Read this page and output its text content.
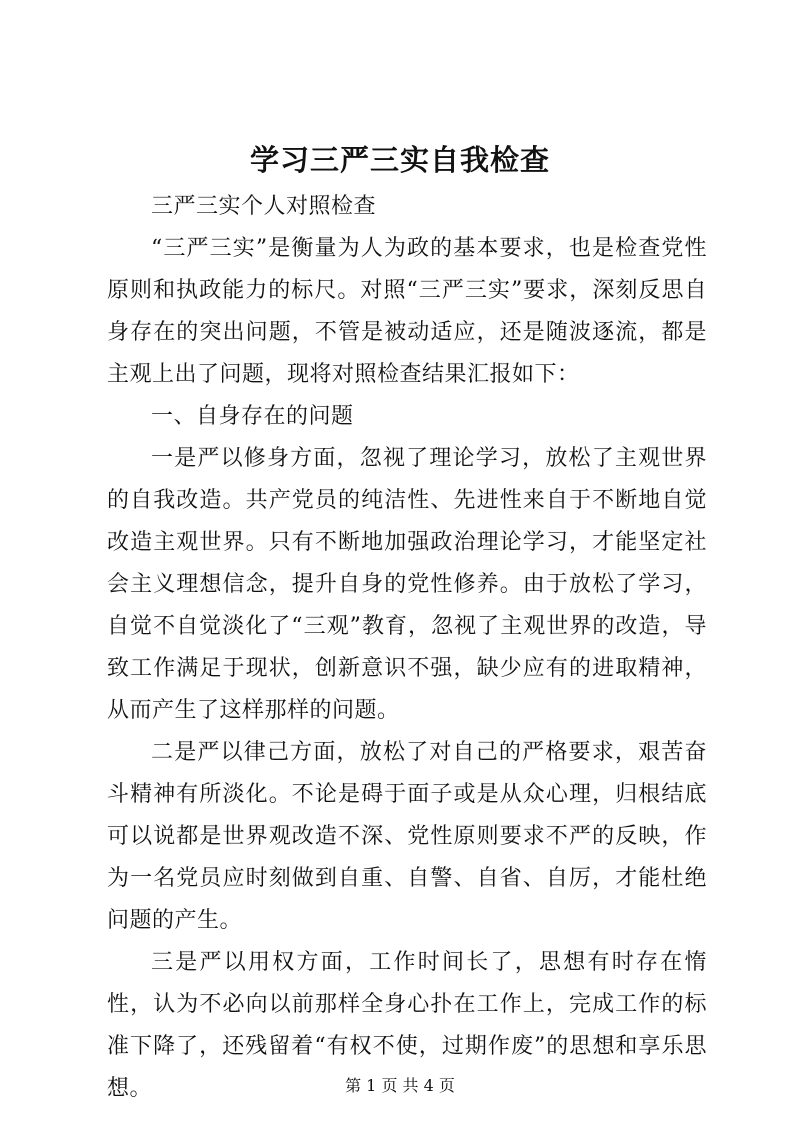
学习三严三实自我检查

三严三实个人对照检查

“三严三实”是衡量为人为政的基本要求，也是检查党性原则和执政能力的标尺。对照“三严三实”要求，深刻反思自身存在的突出问题，不管是被动适应，还是随波逐流，都是主观上出了问题，现将对照检查结果汇报如下：

一、自身存在的问题

一是严以修身方面，忽视了理论学习，放松了主观世界的自我改造。共产党员的纯洁性、先进性来自于不断地自觉改造主观世界。只有不断地加强政治理论学习，才能坚定社会主义理想信念，提升自身的党性修养。由于放松了学习，自觉不自觉淡化了“三观”教育，忽视了主观世界的改造，导致工作满足于现状，创新意识不强，缺少应有的进取精神，从而产生了这样那样的问题。

二是严以律己方面，放松了对自己的严格要求，艰苦奋斗精神有所淡化。不论是碍于面子或是从众心理，归根结底可以说都是世界观改造不深、党性原则要求不严的反映，作为一名党员应时刻做到自重、自警、自省、自厉，才能杜绝问题的产生。

三是严以用权方面，工作时间长了，思想有时存在惰性，认为不必向以前那样全身心扑在工作上，完成工作的标准下降了，还残留着“有权不使，过期作废”的思想和享乐思想。	第 1 页 共 4 页
